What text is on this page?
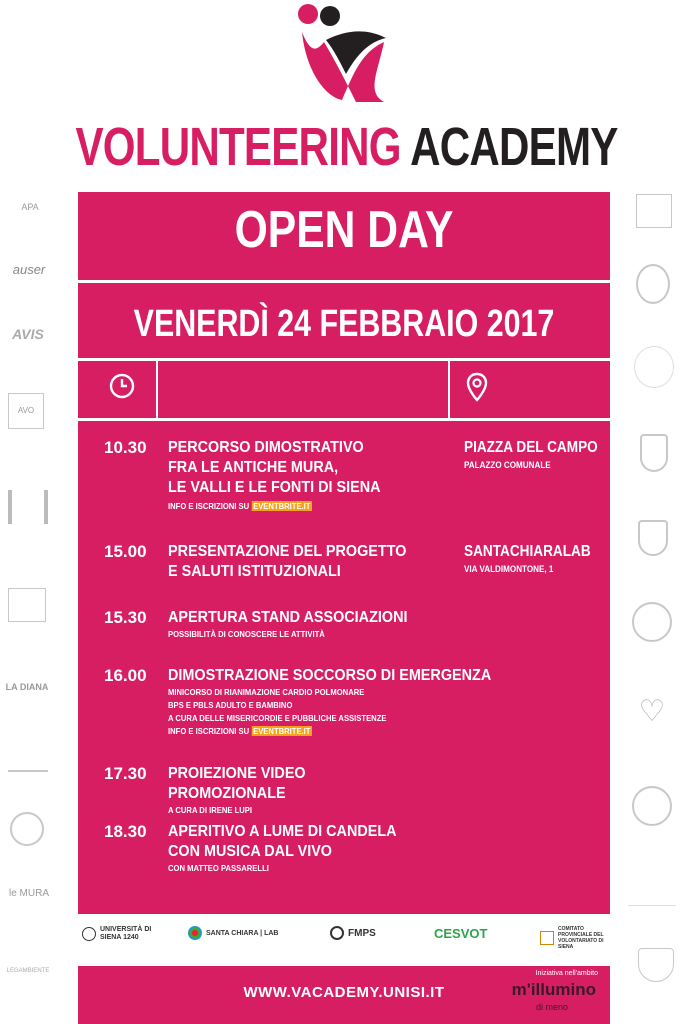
VOLUNTEERING ACADEMY
APA
auser
AVIS
AVO
LA DIANA
le MURA
LEGAMBIENTE
♡
OPEN DAY
VENERDÌ 24 FEBBRAIO 2017
10.30 PERCORSO DIMOSTRATIVO
FRA LE ANTICHE MURA,
LE VALLI E LE FONTI DI SIENA
INFO E ISCRIZIONI SU EVENTBRITE.IT
PIAZZA DEL CAMPO
PALAZZO COMUNALE
15.00 PRESENTAZIONE DEL PROGETTO
E SALUTI ISTITUZIONALI
SANTACHIARALAB
VIA VALDIMONTONE, 1
15.30 APERTURA STAND ASSOCIAZIONI
POSSIBILITÀ DI CONOSCERE LE ATTIVITÀ
16.00 DIMOSTRAZIONE SOCCORSO DI EMERGENZA
MINICORSO DI RIANIMAZIONE CARDIO POLMONARE
BPS E PBLS ADULTO E BAMBINO
A CURA DELLE MISERICORDIE E PUBBLICHE ASSISTENZE
INFO E ISCRIZIONI SU EVENTBRITE.IT
17.30 PROIEZIONE VIDEO PROMOZIONALE
A CURA DI IRENE LUPI
18.30 APERITIVO A LUME DI CANDELA
CON MUSICA DAL VIVO
CON MATTEO PASSARELLI
UNIVERSITÀ DI SIENA 1240
SANTA CHIARA | LAB	FMPS	CESVOT	COMITATO PROVINCIALE DEL VOLONTARIATO DI SIENA
WWW.VACADEMY.UNISI.IT
Iniziativa nell'ambito
m'illumino
di meno
